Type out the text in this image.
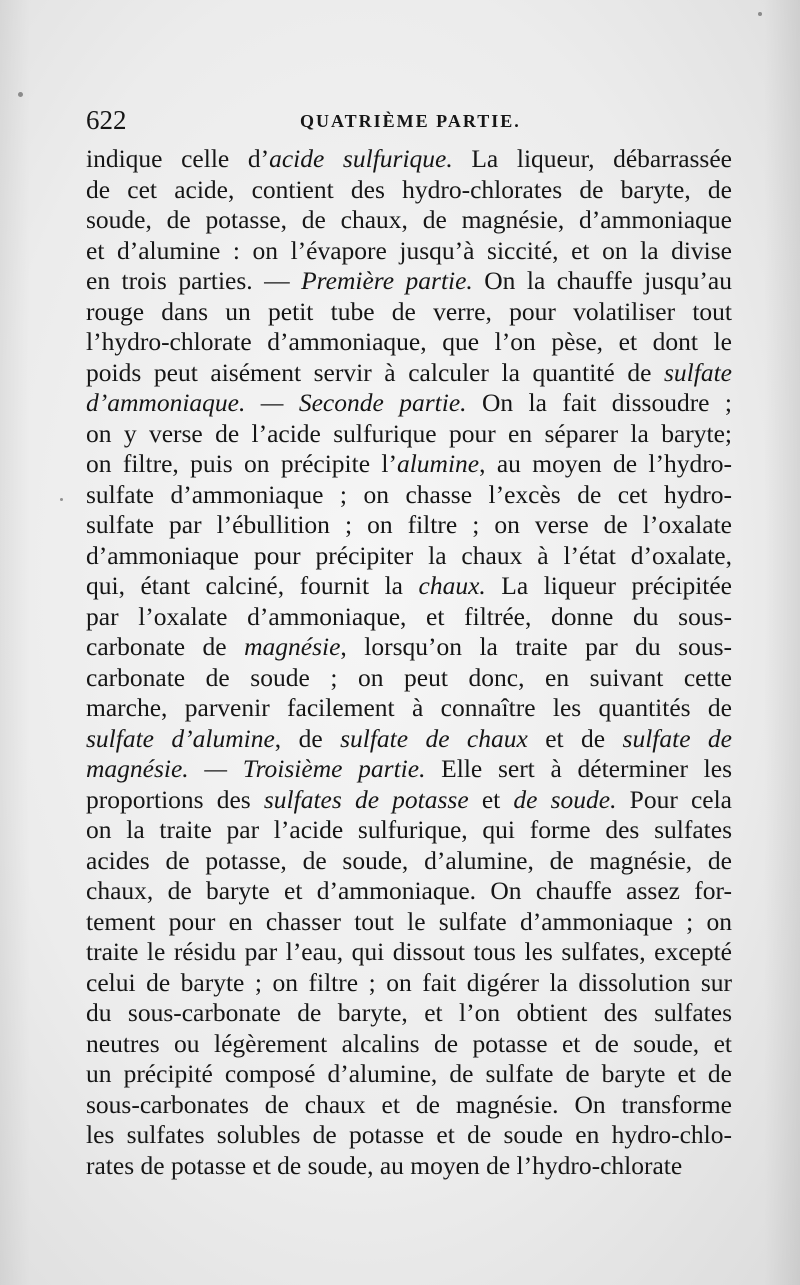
622	QUATRIÈME PARTIE.
indique celle d’acide sulfurique. La liqueur, débarrassée
de cet acide, contient des hydro-chlorates de baryte, de
soude, de potasse, de chaux, de magnésie, d’ammoniaque
et d’alumine : on l’évapore jusqu’à siccité, et on la divise
en trois parties. — Première partie. On la chauffe jusqu’au
rouge dans un petit tube de verre, pour volatiliser tout
l’hydro-chlorate d’ammoniaque, que l’on pèse, et dont le
poids peut aisément servir à calculer la quantité de sulfate
d’ammoniaque. — Seconde partie. On la fait dissoudre ;
on y verse de l’acide sulfurique pour en séparer la baryte;
on filtre, puis on précipite l’alumine, au moyen de l’hydro-
sulfate d’ammoniaque ; on chasse l’excès de cet hydro-
sulfate par l’ébullition ; on filtre ; on verse de l’oxalate
d’ammoniaque pour précipiter la chaux à l’état d’oxalate,
qui, étant calciné, fournit la chaux. La liqueur précipitée
par l’oxalate d’ammoniaque, et filtrée, donne du sous-
carbonate de magnésie, lorsqu’on la traite par du sous-
carbonate de soude ; on peut donc, en suivant cette
marche, parvenir facilement à connaître les quantités de
sulfate d’alumine, de sulfate de chaux et de sulfate de
magnésie. — Troisième partie. Elle sert à déterminer les
proportions des sulfates de potasse et de soude. Pour cela
on la traite par l’acide sulfurique, qui forme des sulfates
acides de potasse, de soude, d’alumine, de magnésie, de
chaux, de baryte et d’ammoniaque. On chauffe assez for-
tement pour en chasser tout le sulfate d’ammoniaque ; on
traite le résidu par l’eau, qui dissout tous les sulfates, excepté
celui de baryte ; on filtre ; on fait digérer la dissolution sur
du sous-carbonate de baryte, et l’on obtient des sulfates
neutres ou légèrement alcalins de potasse et de soude, et
un précipité composé d’alumine, de sulfate de baryte et de
sous-carbonates de chaux et de magnésie. On transforme
les sulfates solubles de potasse et de soude en hydro-chlo-
rates de potasse et de soude, au moyen de l’hydro-chlorate
